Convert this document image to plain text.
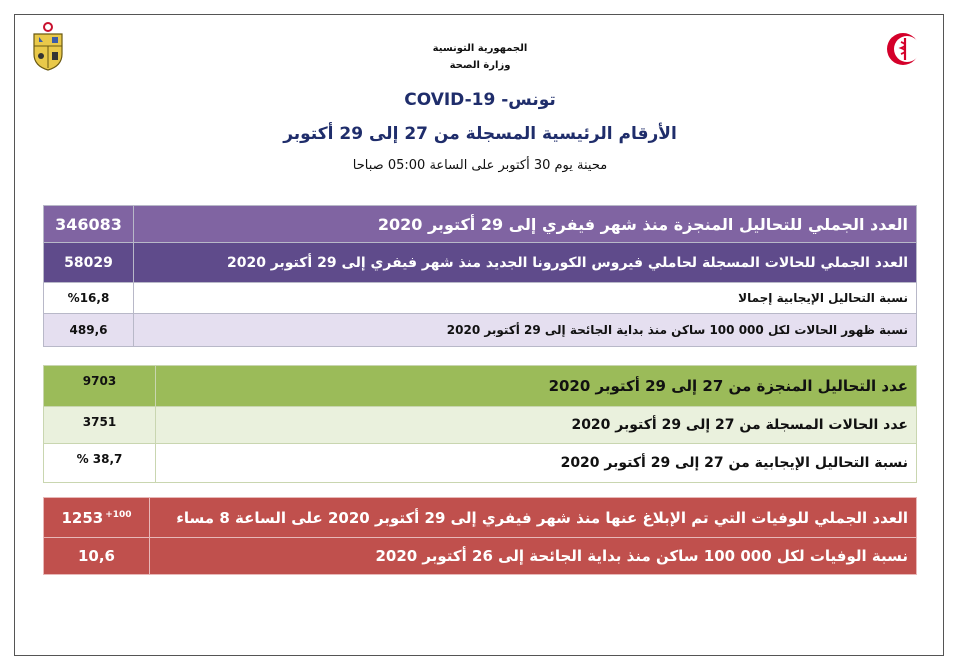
الجمهورية التونسية
وزارة الصحة
COVID-19 -تونس
الأرقام الرئيسية المسجلة من 27 إلى 29 أكتوبر
محينة يوم 30 أكتوبر على الساعة 05:00 صباحا
346083	العدد الجملي للتحاليل المنجزة منذ شهر فيفري إلى 29 أكتوبر 2020
58029	العدد الجملي للحالات المسجلة لحاملي فيروس الكورونا الجديد منذ شهر فيفري إلى 29 أكتوبر 2020
%16,8	نسبة التحاليل الإيجابية إجمالا
489,6	نسبة ظهور الحالات لكل 000 100 ساكن منذ بداية الجائحة إلى 29 أكتوبر 2020
9703	عدد التحاليل المنجزة من 27 إلى 29 أكتوبر 2020
3751	عدد الحالات المسجلة من 27 إلى 29 أكتوبر 2020
% 38,7	نسبة التحاليل الإيجابية من 27 إلى 29 أكتوبر 2020
1253 $^{+100}$	العدد الجملي للوفيات التي تم الإبلاغ عنها منذ شهر فيفري إلى 29 أكتوبر 2020 على الساعة 8 مساء
10,6	نسبة الوفيات لكل 000 100 ساكن منذ بداية الجائحة إلى 26 أكتوبر 2020
